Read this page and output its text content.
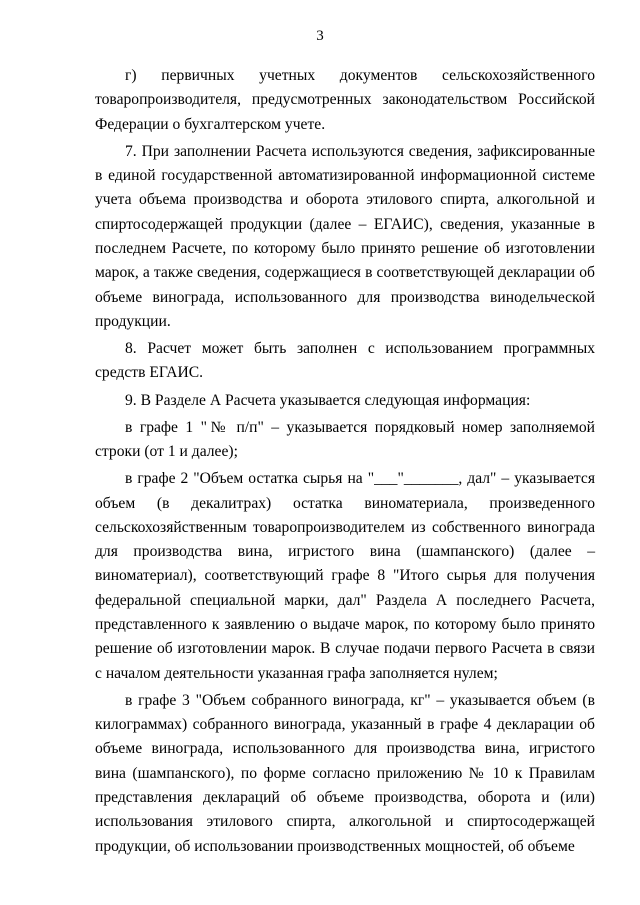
3

г) первичных учетных документов сельскохозяйственного товаропроизводителя, предусмотренных законодательством Российской Федерации о бухгалтерском учете.

7. При заполнении Расчета используются сведения, зафиксированные в единой государственной автоматизированной информационной системе учета объема производства и оборота этилового спирта, алкогольной и спиртосодержащей продукции (далее – ЕГАИС), сведения, указанные в последнем Расчете, по которому было принято решение об изготовлении марок, а также сведения, содержащиеся в соответствующей декларации об объеме винограда, использованного для производства винодельческой продукции.

8. Расчет может быть заполнен с использованием программных средств ЕГАИС.

9. В Разделе А Расчета указывается следующая информация:

в графе 1 "№ п/п" – указывается порядковый номер заполняемой строки (от 1 и далее);

в графе 2 "Объем остатка сырья на "___"_______, дал" – указывается объем (в декалитрах) остатка виноматериала, произведенного сельскохозяйственным товаропроизводителем из собственного винограда для производства вина, игристого вина (шампанского) (далее – виноматериал), соответствующий графе 8 "Итого сырья для получения федеральной специальной марки, дал" Раздела А последнего Расчета, представленного к заявлению о выдаче марок, по которому было принято решение об изготовлении марок. В случае подачи первого Расчета в связи с началом деятельности указанная графа заполняется нулем;

в графе 3 "Объем собранного винограда, кг" – указывается объем (в килограммах) собранного винограда, указанный в графе 4 декларации об объеме винограда, использованного для производства вина, игристого вина (шампанского), по форме согласно приложению № 10 к Правилам представления деклараций об объеме производства, оборота и (или) использования этилового спирта, алкогольной и спиртосодержащей продукции, об использовании производственных мощностей, об объеме
